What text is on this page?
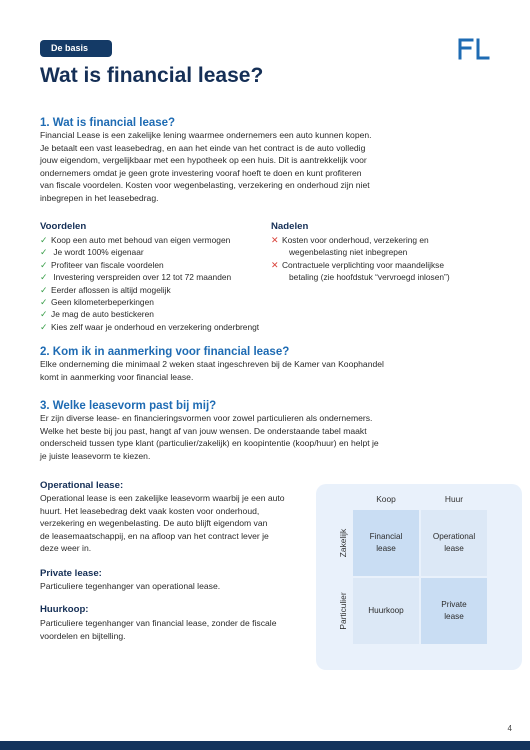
De basis
Wat is financial lease?
1. Wat is financial lease?
Financial Lease is een zakelijke lening waarmee ondernemers een auto kunnen kopen.
Je betaalt een vast leasebedrag, en aan het einde van het contract is de auto volledig
jouw eigendom, vergelijkbaar met een hypotheek op een huis. Dit is aantrekkelijk voor
ondernemers omdat je geen grote investering vooraf hoeft te doen en kunt profiteren
van fiscale voordelen. Kosten voor wegenbelasting, verzekering en onderhoud zijn niet
inbegrepen in het leasebedrag.
Voordelen
✓ Koop een auto met behoud van eigen vermogen
✓ Je wordt 100% eigenaar
✓ Profiteer van fiscale voordelen
✓ Investering verspreiden over 12 tot 72 maanden
✓ Eerder aflossen is altijd mogelijk
✓ Geen kilometerbeperkingen
✓ Je mag de auto bestickeren
✓ Kies zelf waar je onderhoud en verzekering onderbrengt
Nadelen
✕ Kosten voor onderhoud, verzekering en
wegenbelasting niet inbegrepen
✕ Contractuele verplichting voor maandelijkse
betaling (zie hoofdstuk “vervroegd inlosen”)
2. Kom ik in aanmerking voor financial lease?
Elke onderneming die minimaal 2 weken staat ingeschreven bij de Kamer van Koophandel
komt in aanmerking voor financial lease.
3. Welke leasevorm past bij mij?
Er zijn diverse lease- en financieringsvormen voor zowel particulieren als ondernemers.
Welke het beste bij jou past, hangt af van jouw wensen. De onderstaande tabel maakt
onderscheid tussen type klant (particulier/zakelijk) en koopintentie (koop/huur) en helpt je
je juiste leasevorm te kiezen.
Operational lease:
Operational lease is een zakelijke leasevorm waarbij je een auto
huurt. Het leasebedrag dekt vaak kosten voor onderhoud,
verzekering en wegenbelasting. De auto blijft eigendom van
de leasemaatschappij, en na afloop van het contract lever je
deze weer in.
Private lease:
Particuliere tegenhanger van operational lease.
Huurkoop:
Particuliere tegenhanger van financial lease, zonder de fiscale
voordelen en bijtelling.
Koop	Huur
Zakelijk
Particulier
Financial
lease
Operational
lease
Huurkoop
Private
lease
4
